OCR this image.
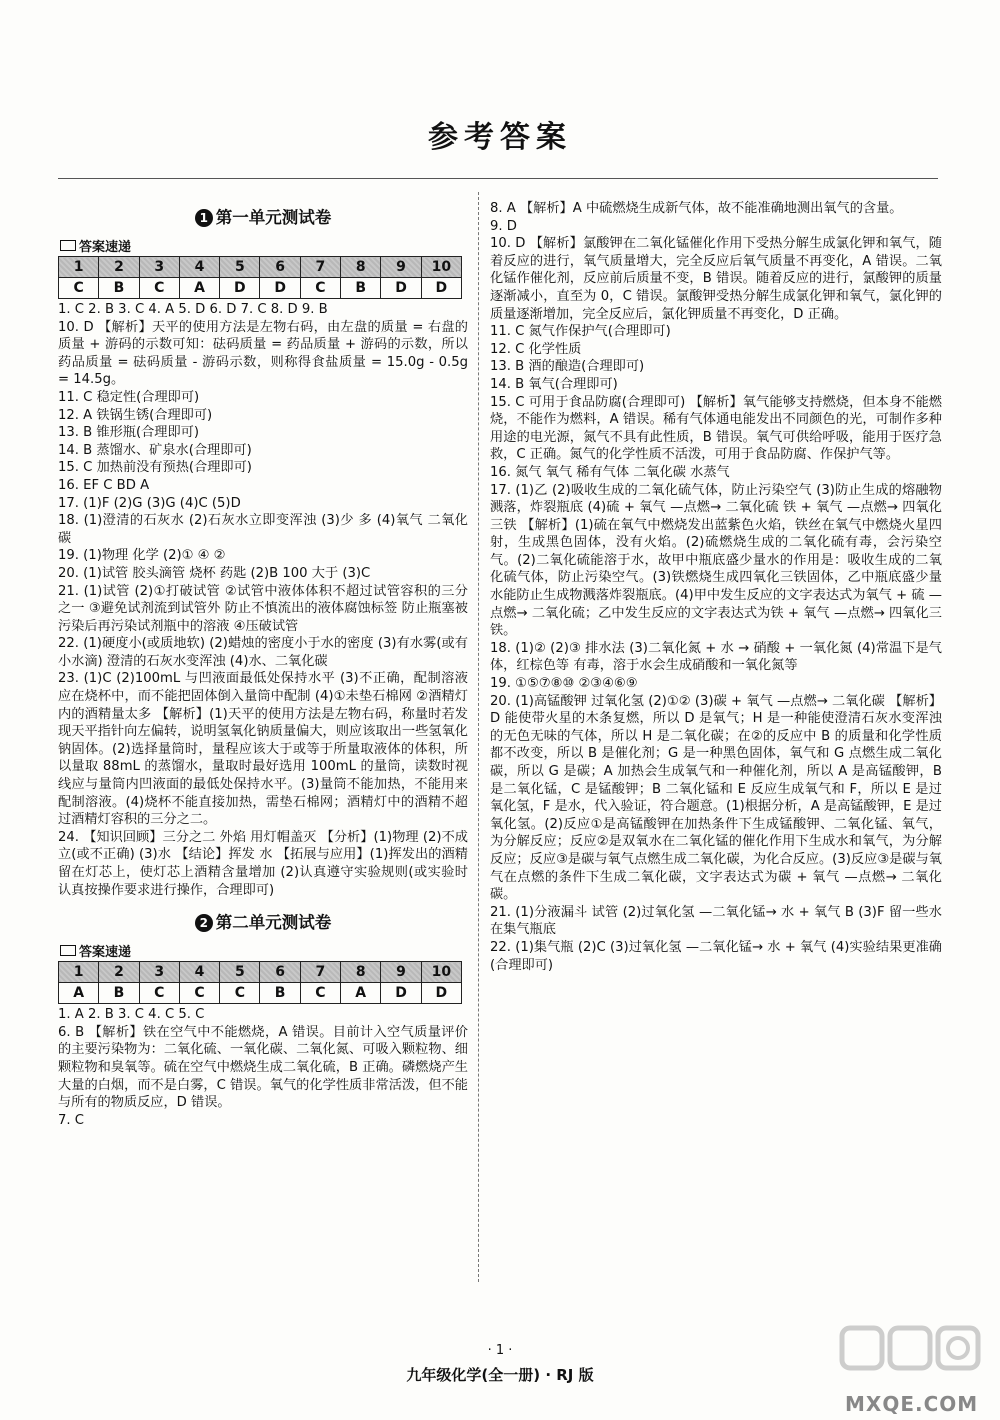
参考答案
1 第一单元测试卷
答案速递
1	2	3	4	5	6	7	8	9	10
C	B	C	A	D	D	C	B	D	D

1. C 2. B 3. C 4. A 5. D 6. D 7. C 8. D 9. B

10. D 【解析】天平的使用方法是左物右码，由左盘的质量 = 右盘的质量 + 游码的示数可知：砝码质量 = 药品质量 + 游码的示数，所以药品质量 = 砝码质量 - 游码示数，则称得食盐质量 = 15.0g - 0.5g = 14.5g。

11. C 稳定性(合理即可)

12. A 铁锅生锈(合理即可)

13. B 锥形瓶(合理即可)

14. B 蒸馏水、矿泉水(合理即可)

15. C 加热前没有预热(合理即可)

16. EF C BD A

17. (1)F (2)G (3)G (4)C (5)D

18. (1)澄清的石灰水 (2)石灰水立即变浑浊 (3)少 多 (4)氧气 二氧化碳

19. (1)物理 化学 (2)① ④ ②

20. (1)试管 胶头滴管 烧杯 药匙 (2)B 100 大于 (3)C

21. (1)试管 (2)①打破试管 ②试管中液体体积不超过试管容积的三分之一 ③避免试剂流到试管外 防止不慎流出的液体腐蚀标签 防止瓶塞被污染后再污染试剂瓶中的溶液 ④压破试管

22. (1)硬度小(或质地软) (2)蜡烛的密度小于水的密度 (3)有水雾(或有小水滴) 澄清的石灰水变浑浊 (4)水、二氧化碳

23. (1)C (2)100mL 与凹液面最低处保持水平 (3)不正确，配制溶液应在烧杯中，而不能把固体倒入量筒中配制 (4)①未垫石棉网 ②酒精灯内的酒精量太多 【解析】(1)天平的使用方法是左物右码，称量时若发现天平指针向左偏转，说明氢氧化钠质量偏大，则应该取出一些氢氧化钠固体。(2)选择量筒时，量程应该大于或等于所量取液体的体积，所以量取 88mL 的蒸馏水，量取时最好选用 100mL 的量筒，读数时视线应与量筒内凹液面的最低处保持水平。(3)量筒不能加热，不能用来配制溶液。(4)烧杯不能直接加热，需垫石棉网；酒精灯中的酒精不超过酒精灯容积的三分之二。

24. 【知识回顾】三分之二 外焰 用灯帽盖灭 【分析】(1)物理 (2)不成立(或不正确) (3)水 【结论】挥发 水 【拓展与应用】(1)挥发出的酒精留在灯芯上，使灯芯上酒精含量增加 (2)认真遵守实验规则(或实验时认真按操作要求进行操作，合理即可)

2 第二单元测试卷
答案速递
1	2	3	4	5	6	7	8	9	10
A	B	C	C	C	B	C	A	D	D

1. A 2. B 3. C 4. C 5. C

6. B 【解析】铁在空气中不能燃烧，A 错误。目前计入空气质量评价的主要污染物为：二氧化硫、一氧化碳、二氧化氮、可吸入颗粒物、细颗粒物和臭氧等。硫在空气中燃烧生成二氧化硫，B 正确。磷燃烧产生大量的白烟，而不是白雾，C 错误。氧气的化学性质非常活泼，但不能与所有的物质反应，D 错误。

7. C

8. A 【解析】A 中硫燃烧生成新气体，故不能准确地测出氧气的含量。

9. D

10. D 【解析】氯酸钾在二氧化锰催化作用下受热分解生成氯化钾和氧气，随着反应的进行，氧气质量增大，完全反应后氧气质量不再变化，A 错误。二氧化锰作催化剂，反应前后质量不变，B 错误。随着反应的进行，氯酸钾的质量逐渐减小，直至为 0，C 错误。氯酸钾受热分解生成氯化钾和氧气，氯化钾的质量逐渐增加，完全反应后，氯化钾质量不再变化，D 正确。

11. C 氮气作保护气(合理即可)

12. C 化学性质

13. B 酒的酿造(合理即可)

14. B 氧气(合理即可)

15. C 可用于食品防腐(合理即可) 【解析】氧气能够支持燃烧，但本身不能燃烧，不能作为燃料，A 错误。稀有气体通电能发出不同颜色的光，可制作多种用途的电光源，氮气不具有此性质，B 错误。氧气可供给呼吸，能用于医疗急救，C 正确。氮气的化学性质不活泼，可用于食品防腐、作保护气等。

16. 氮气 氧气 稀有气体 二氧化碳 水蒸气

17. (1)乙 (2)吸收生成的二氧化硫气体，防止污染空气 (3)防止生成的熔融物溅落，炸裂瓶底 (4)硫 + 氧气 —点燃→ 二氧化硫 铁 + 氧气 —点燃→ 四氧化三铁 【解析】(1)硫在氧气中燃烧发出蓝紫色火焰，铁丝在氧气中燃烧火星四射，生成黑色固体，没有火焰。(2)硫燃烧生成的二氧化硫有毒，会污染空气。(2)二氧化硫能溶于水，故甲中瓶底盛少量水的作用是：吸收生成的二氧化硫气体，防止污染空气。(3)铁燃烧生成四氧化三铁固体，乙中瓶底盛少量水能防止生成物溅落炸裂瓶底。(4)甲中发生反应的文字表达式为氧气 + 硫 —点燃→ 二氧化硫；乙中发生反应的文字表达式为铁 + 氧气 —点燃→ 四氧化三铁。

18. (1)② (2)③ 排水法 (3)二氧化氮 + 水 → 硝酸 + 一氧化氮 (4)常温下是气体，红棕色等 有毒，溶于水会生成硝酸和一氧化氮等

19. ①⑤⑦⑧⑩ ②③④⑥⑨

20. (1)高锰酸钾 过氧化氢 (2)①② (3)碳 + 氧气 —点燃→ 二氧化碳 【解析】D 能使带火星的木条复燃，所以 D 是氧气；H 是一种能使澄清石灰水变浑浊的无色无味的气体，所以 H 是二氧化碳；在②的反应中 B 的质量和化学性质都不改变，所以 B 是催化剂；G 是一种黑色固体，氧气和 G 点燃生成二氧化碳，所以 G 是碳；A 加热会生成氧气和一种催化剂，所以 A 是高锰酸钾，B 是二氧化锰，C 是锰酸钾；B 二氧化锰和 E 反应生成氧气和 F，所以 E 是过氧化氢，F 是水，代入验证，符合题意。(1)根据分析，A 是高锰酸钾，E 是过氧化氢。(2)反应①是高锰酸钾在加热条件下生成锰酸钾、二氧化锰、氧气，为分解反应；反应②是双氧水在二氧化锰的催化作用下生成水和氧气，为分解反应；反应③是碳与氧气点燃生成二氧化碳，为化合反应。(3)反应③是碳与氧气在点燃的条件下生成二氧化碳，文字表达式为碳 + 氧气 —点燃→ 二氧化碳。

21. (1)分液漏斗 试管 (2)过氧化氢 —二氧化锰→ 水 + 氧气 B (3)F 留一些水在集气瓶底

22. (1)集气瓶 (2)C (3)过氧化氢 —二氧化锰→ 水 + 氧气 (4)实验结果更准确(合理即可)

· 1 ·
九年级化学(全一册) · RJ 版
MXQE.COM
